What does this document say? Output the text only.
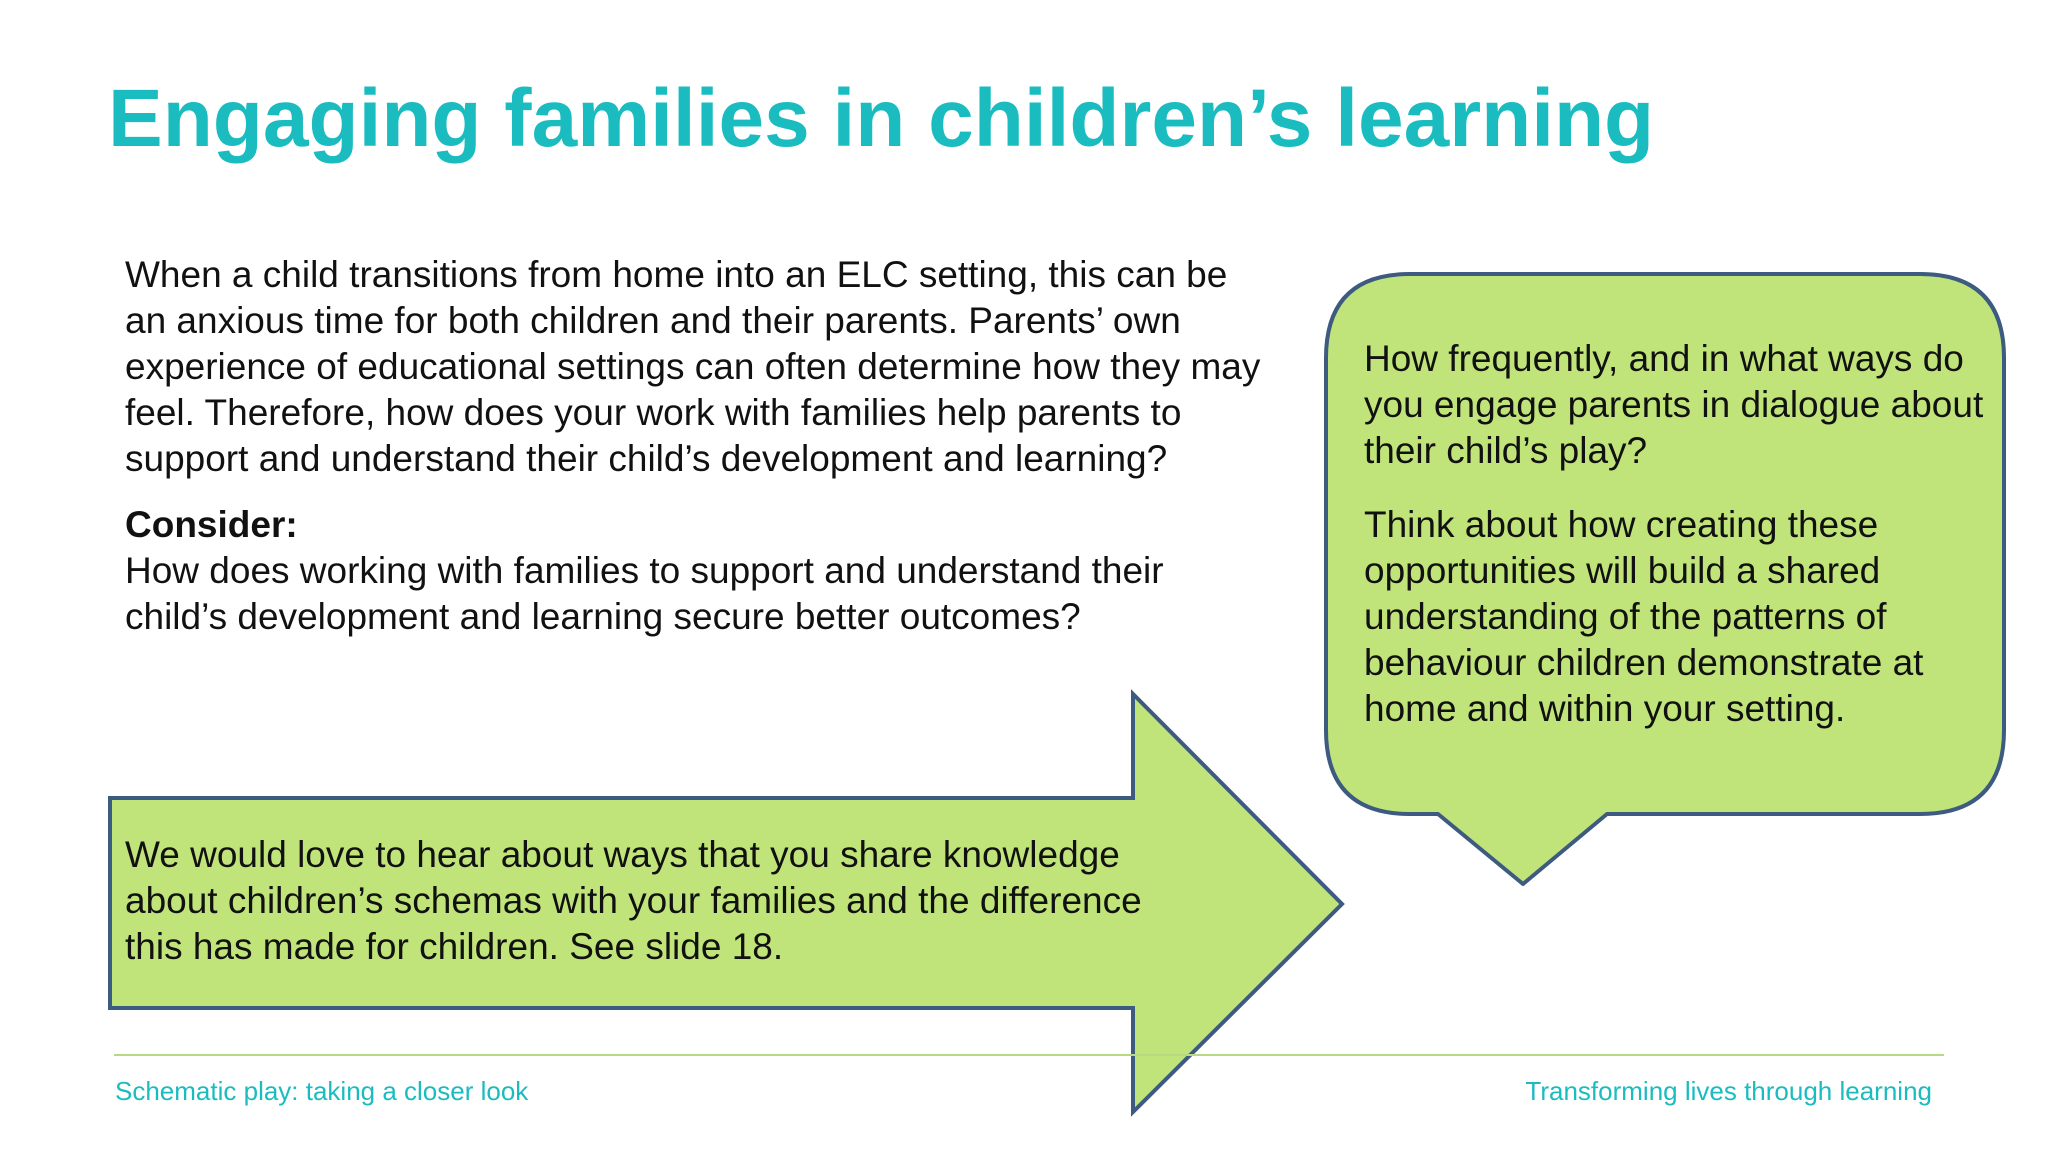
Engaging families in children’s learning

When a child transitions from home into an ELC setting, this can be an anxious time for both children and their parents. Parents’ own experience of educational settings can often determine how they may feel. Therefore, how does your work with families help parents to support and understand their child’s development and learning?

Consider:

How does working with families to support and understand their child’s development and learning secure better outcomes?

We would love to hear about ways that you share knowledge about children’s schemas with your families and the difference this has made for children. See slide 18.

How frequently, and in what ways do you engage parents in dialogue about their child’s play?

Think about how creating these opportunities will build a shared understanding of the patterns of behaviour children demonstrate at home and within your setting.

Schematic play: taking a closer look	Transforming lives through learning
